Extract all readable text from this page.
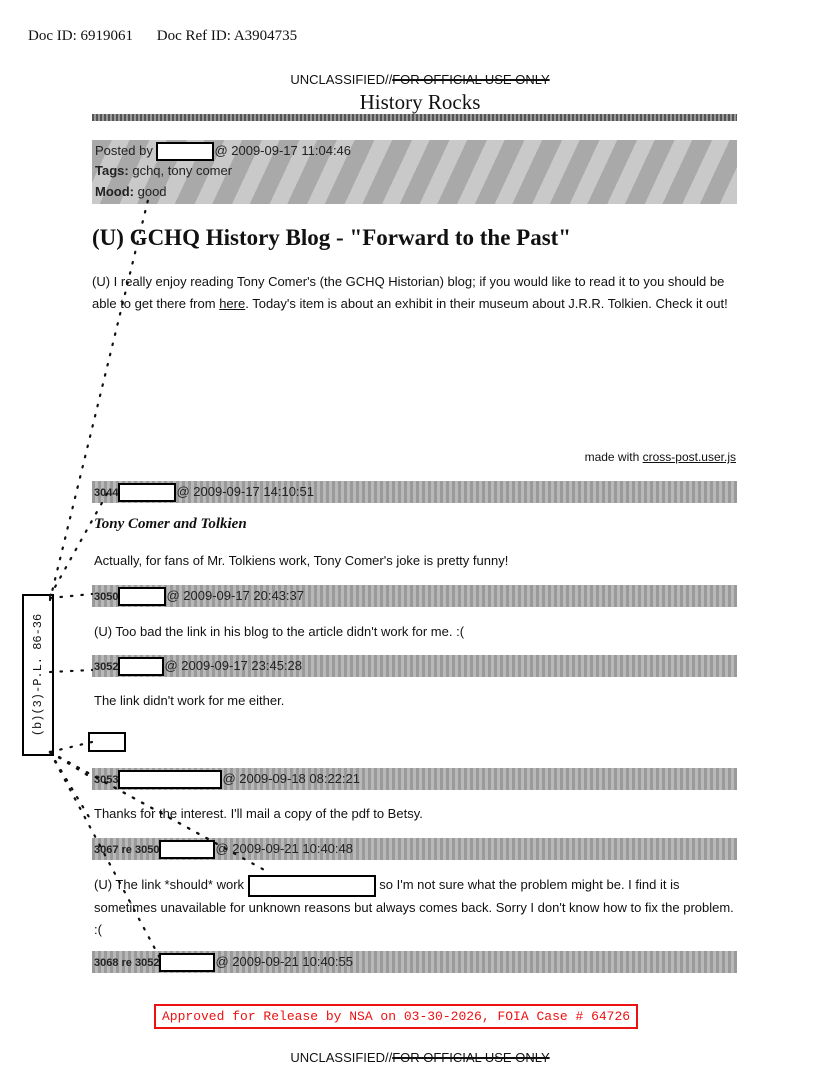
Doc ID: 6919061 Doc Ref ID: A3904735
UNCLASSIFIED//FOR OFFICIAL USE ONLY
History Rocks
Posted by	@ 2009-09-17 11:04:46
Tags: gchq, tony comer
Mood: good
(U) GCHQ History Blog - "Forward to the Past"
(U) I really enjoy reading Tony Comer's (the GCHQ Historian) blog; if you would like to read it to you should be able to get there from here. Today's item is about an exhibit in their museum about J.R.R. Tolkien. Check it out!
made with cross-post.user.js
3044	@ 2009-09-17 14:10:51
Tony Comer and Tolkien
Actually, for fans of Mr. Tolkiens work, Tony Comer's joke is pretty funny!
3050	@ 2009-09-17 20:43:37
(U) Too bad the link in his blog to the article didn't work for me. :(
3052	@ 2009-09-17 23:45:28
The link didn't work for me either.
3053	@ 2009-09-18 08:22:21
Thanks for the interest. I'll mail a copy of the pdf to Betsy.
3067 re 3050	@ 2009-09-21 10:40:48
(U) The link *should* work	so I'm not sure what the problem might be. I find it is sometimes unavailable for unknown reasons but always comes back. Sorry I don't know how to fix the problem. :(
3068 re 3052	@ 2009-09-21 10:40:55
(b)(3)-P.L. 86-36
Approved for Release by NSA on 03-30-2026, FOIA Case # 64726
UNCLASSIFIED//FOR OFFICIAL USE ONLY
